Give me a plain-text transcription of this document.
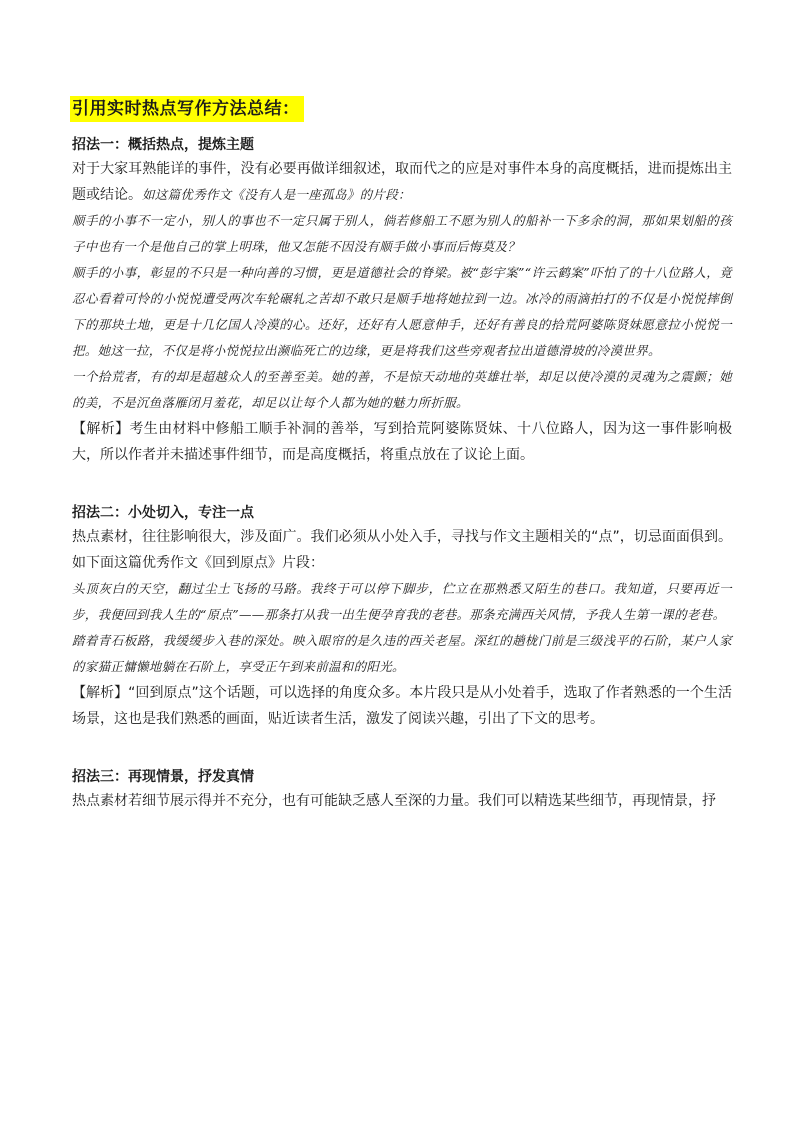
引用实时热点写作方法总结：

招法一：概括热点，提炼主题

对于大家耳熟能详的事件，没有必要再做详细叙述，取而代之的应是对事件本身的高度概括，进而提炼出主题或结论。如这篇优秀作文《没有人是一座孤岛》的片段：

顺手的小事不一定小，别人的事也不一定只属于别人，倘若修船工不愿为别人的船补一下多余的洞，那如果划船的孩子中也有一个是他自己的掌上明珠，他又怎能不因没有顺手做小事而后悔莫及？

顺手的小事，彰显的不只是一种向善的习惯，更是道德社会的脊梁。被“彭宇案”“许云鹤案”吓怕了的十八位路人，竟忍心看着可怜的小悦悦遭受两次车轮碾轧之苦却不敢只是顺手地将她拉到一边。冰冷的雨滴拍打的不仅是小悦悦摔倒下的那块土地，更是十几亿国人冷漠的心。还好，还好有人愿意伸手，还好有善良的拾荒阿婆陈贤妹愿意拉小悦悦一把。她这一拉，不仅是将小悦悦拉出濒临死亡的边缘，更是将我们这些旁观者拉出道德滑坡的冷漠世界。

一个拾荒者，有的却是超越众人的至善至美。她的善，不是惊天动地的英雄壮举，却足以使冷漠的灵魂为之震颤；她的美，不是沉鱼落雁闭月羞花，却足以让每个人都为她的魅力所折服。

【解析】考生由材料中修船工顺手补洞的善举，写到拾荒阿婆陈贤妹、十八位路人，因为这一事件影响极大，所以作者并未描述事件细节，而是高度概括，将重点放在了议论上面。

招法二：小处切入，专注一点

热点素材，往往影响很大，涉及面广。我们必须从小处入手，寻找与作文主题相关的“点”，切忌面面俱到。如下面这篇优秀作文《回到原点》片段：

头顶灰白的天空，翻过尘土飞扬的马路。我终于可以停下脚步，伫立在那熟悉又陌生的巷口。我知道，只要再近一步，我便回到我人生的“原点”——那条打从我一出生便孕育我的老巷。那条充满西关风情，予我人生第一课的老巷。

踏着青石板路，我缓缓步入巷的深处。映入眼帘的是久违的西关老屋。深红的趟栊门前是三级浅平的石阶，某户人家的家猫正慵懒地躺在石阶上，享受正午到来前温和的阳光。

【解析】“回到原点”这个话题，可以选择的角度众多。本片段只是从小处着手，选取了作者熟悉的一个生活场景，这也是我们熟悉的画面，贴近读者生活，激发了阅读兴趣，引出了下文的思考。

招法三：再现情景，抒发真情

热点素材若细节展示得并不充分，也有可能缺乏感人至深的力量。我们可以精选某些细节，再现情景，抒
